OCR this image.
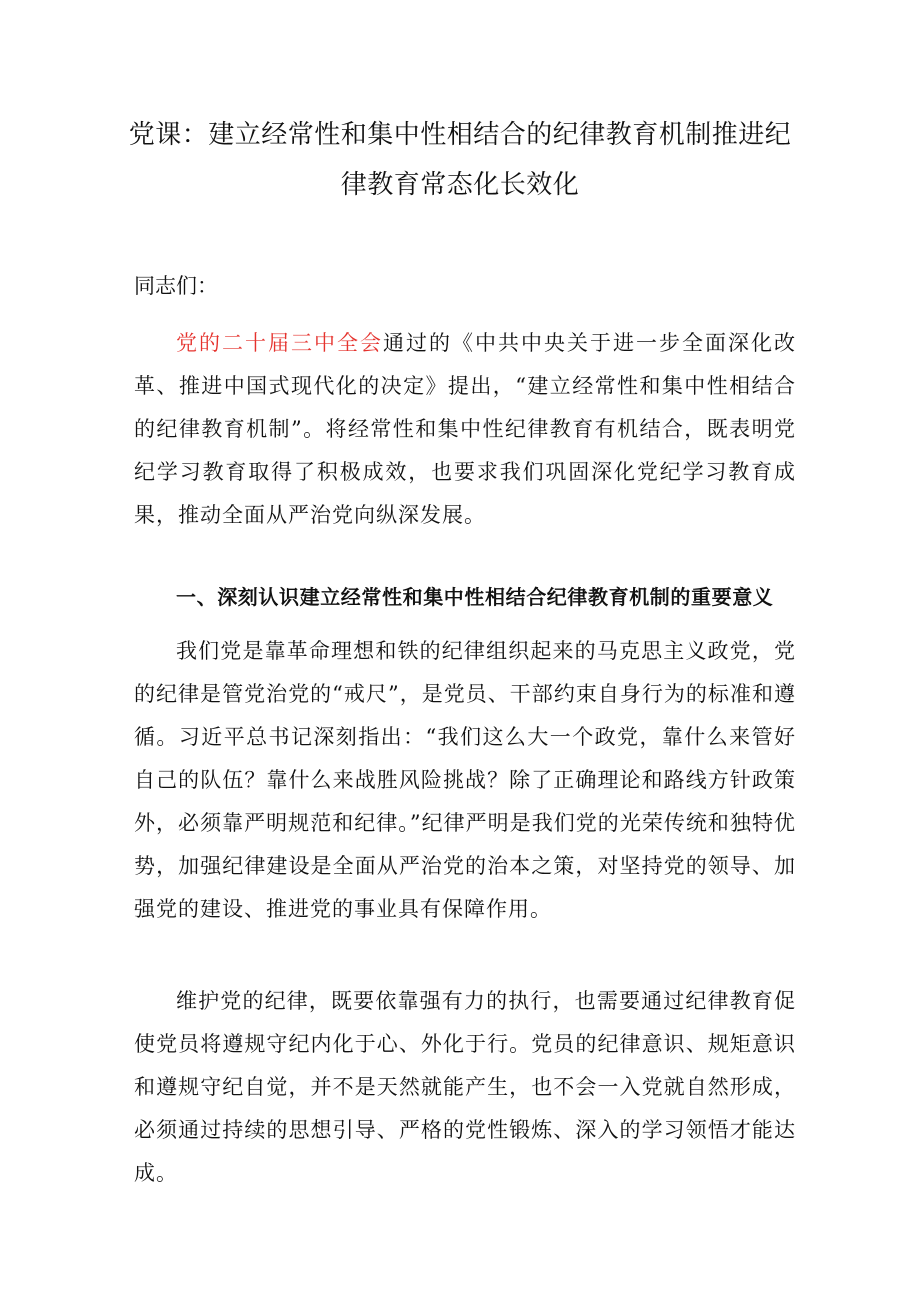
党课：建立经常性和集中性相结合的纪律教育机制推进纪
律教育常态化长效化

同志们：

党的二十届三中全会通过的《中共中央关于进一步全面深化改革、推进中国式现代化的决定》提出，“建立经常性和集中性相结合的纪律教育机制”。将经常性和集中性纪律教育有机结合，既表明党纪学习教育取得了积极成效，也要求我们巩固深化党纪学习教育成果，推动全面从严治党向纵深发展。

一、深刻认识建立经常性和集中性相结合纪律教育机制的重要意义

我们党是靠革命理想和铁的纪律组织起来的马克思主义政党，党的纪律是管党治党的“戒尺”，是党员、干部约束自身行为的标准和遵循。习近平总书记深刻指出：“我们这么大一个政党，靠什么来管好自己的队伍？靠什么来战胜风险挑战？除了正确理论和路线方针政策外，必须靠严明规范和纪律。”纪律严明是我们党的光荣传统和独特优势，加强纪律建设是全面从严治党的治本之策，对坚持党的领导、加强党的建设、推进党的事业具有保障作用。

维护党的纪律，既要依靠强有力的执行，也需要通过纪律教育促使党员将遵规守纪内化于心、外化于行。党员的纪律意识、规矩意识和遵规守纪自觉，并不是天然就能产生，也不会一入党就自然形成，必须通过持续的思想引导、严格的党性锻炼、深入的学习领悟才能达成。
